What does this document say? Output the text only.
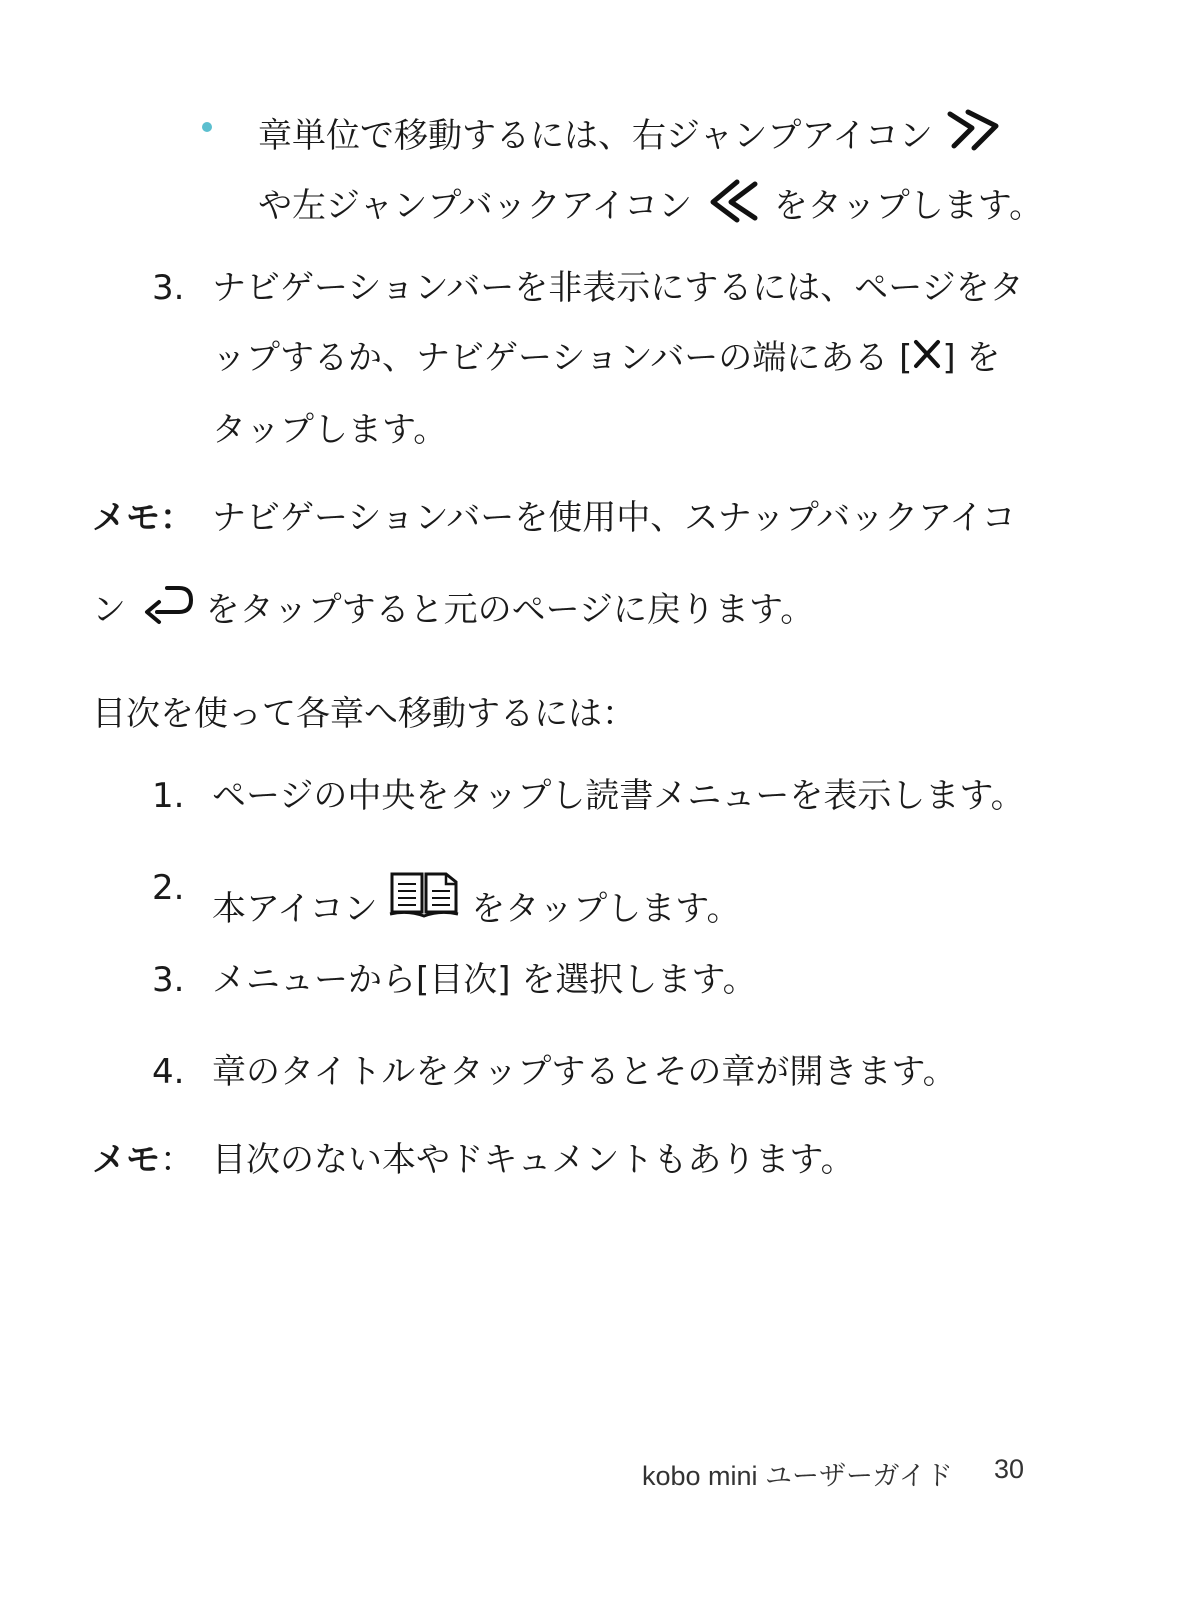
章単位で移動するには、右ジャンプアイコン
や左ジャンプバックアイコン をタップします。
3. ナビゲーションバーを非表示にするには、ページをタ
ップするか、ナビゲーションバーの端にある [ ] を
タップします。
メモ： ナビゲーションバーを使用中、スナップバックアイコ
ン をタップすると元のページに戻ります。
目次を使って各章へ移動するには：
1. ページの中央をタップし読書メニューを表示します。
2.
本アイコン	をタップします。
3. メニューから[目次] を選択します。
4. 章のタイトルをタップするとその章が開きます。
メモ： 目次のない本やドキュメントもあります。
kobo mini ユーザーガイド 30
